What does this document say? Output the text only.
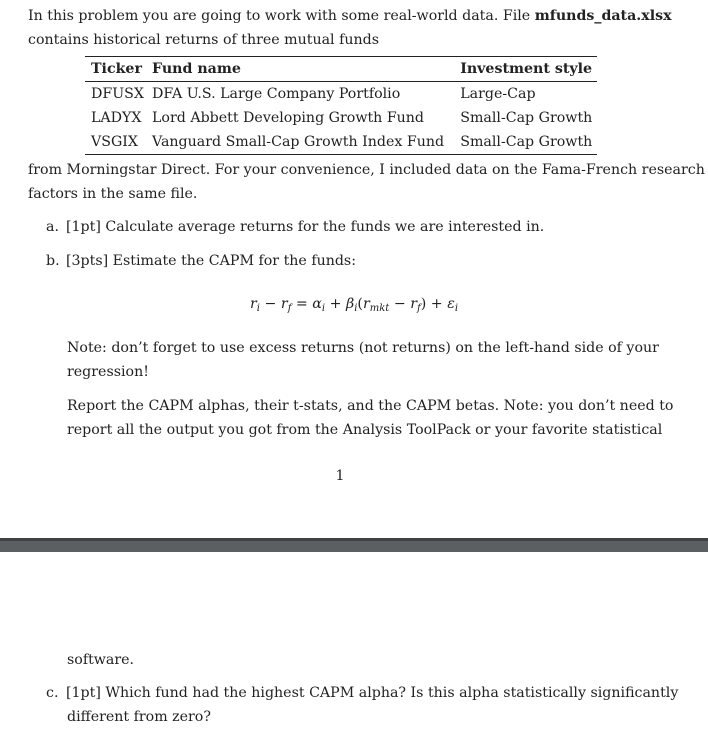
In this problem you are going to work with some real-world data. File mfunds_data.xlsx
contains historical returns of three mutual funds
Ticker	Fund name	Investment style
DFUSX	DFA U.S. Large Company Portfolio	Large-Cap
LADYX	Lord Abbett Developing Growth Fund	Small-Cap Growth
VSGIX	Vanguard Small-Cap Growth Index Fund	Small-Cap Growth
from Morningstar Direct. For your convenience, I included data on the Fama-French research
factors in the same file.
a. [1pt] Calculate average returns for the funds we are interested in.
b. [3pts] Estimate the CAPM for the funds:
$r_i - r_f = \alpha_i + \beta_i(r_{mkt} - r_f) + \varepsilon_i$
Note: don’t forget to use excess returns (not returns) on the left-hand side of your
regression!
Report the CAPM alphas, their t-stats, and the CAPM betas. Note: you don’t need to
report all the output you got from the Analysis ToolPack or your favorite statistical
1
software.
c. [1pt] Which fund had the highest CAPM alpha? Is this alpha statistically significantly
different from zero?
